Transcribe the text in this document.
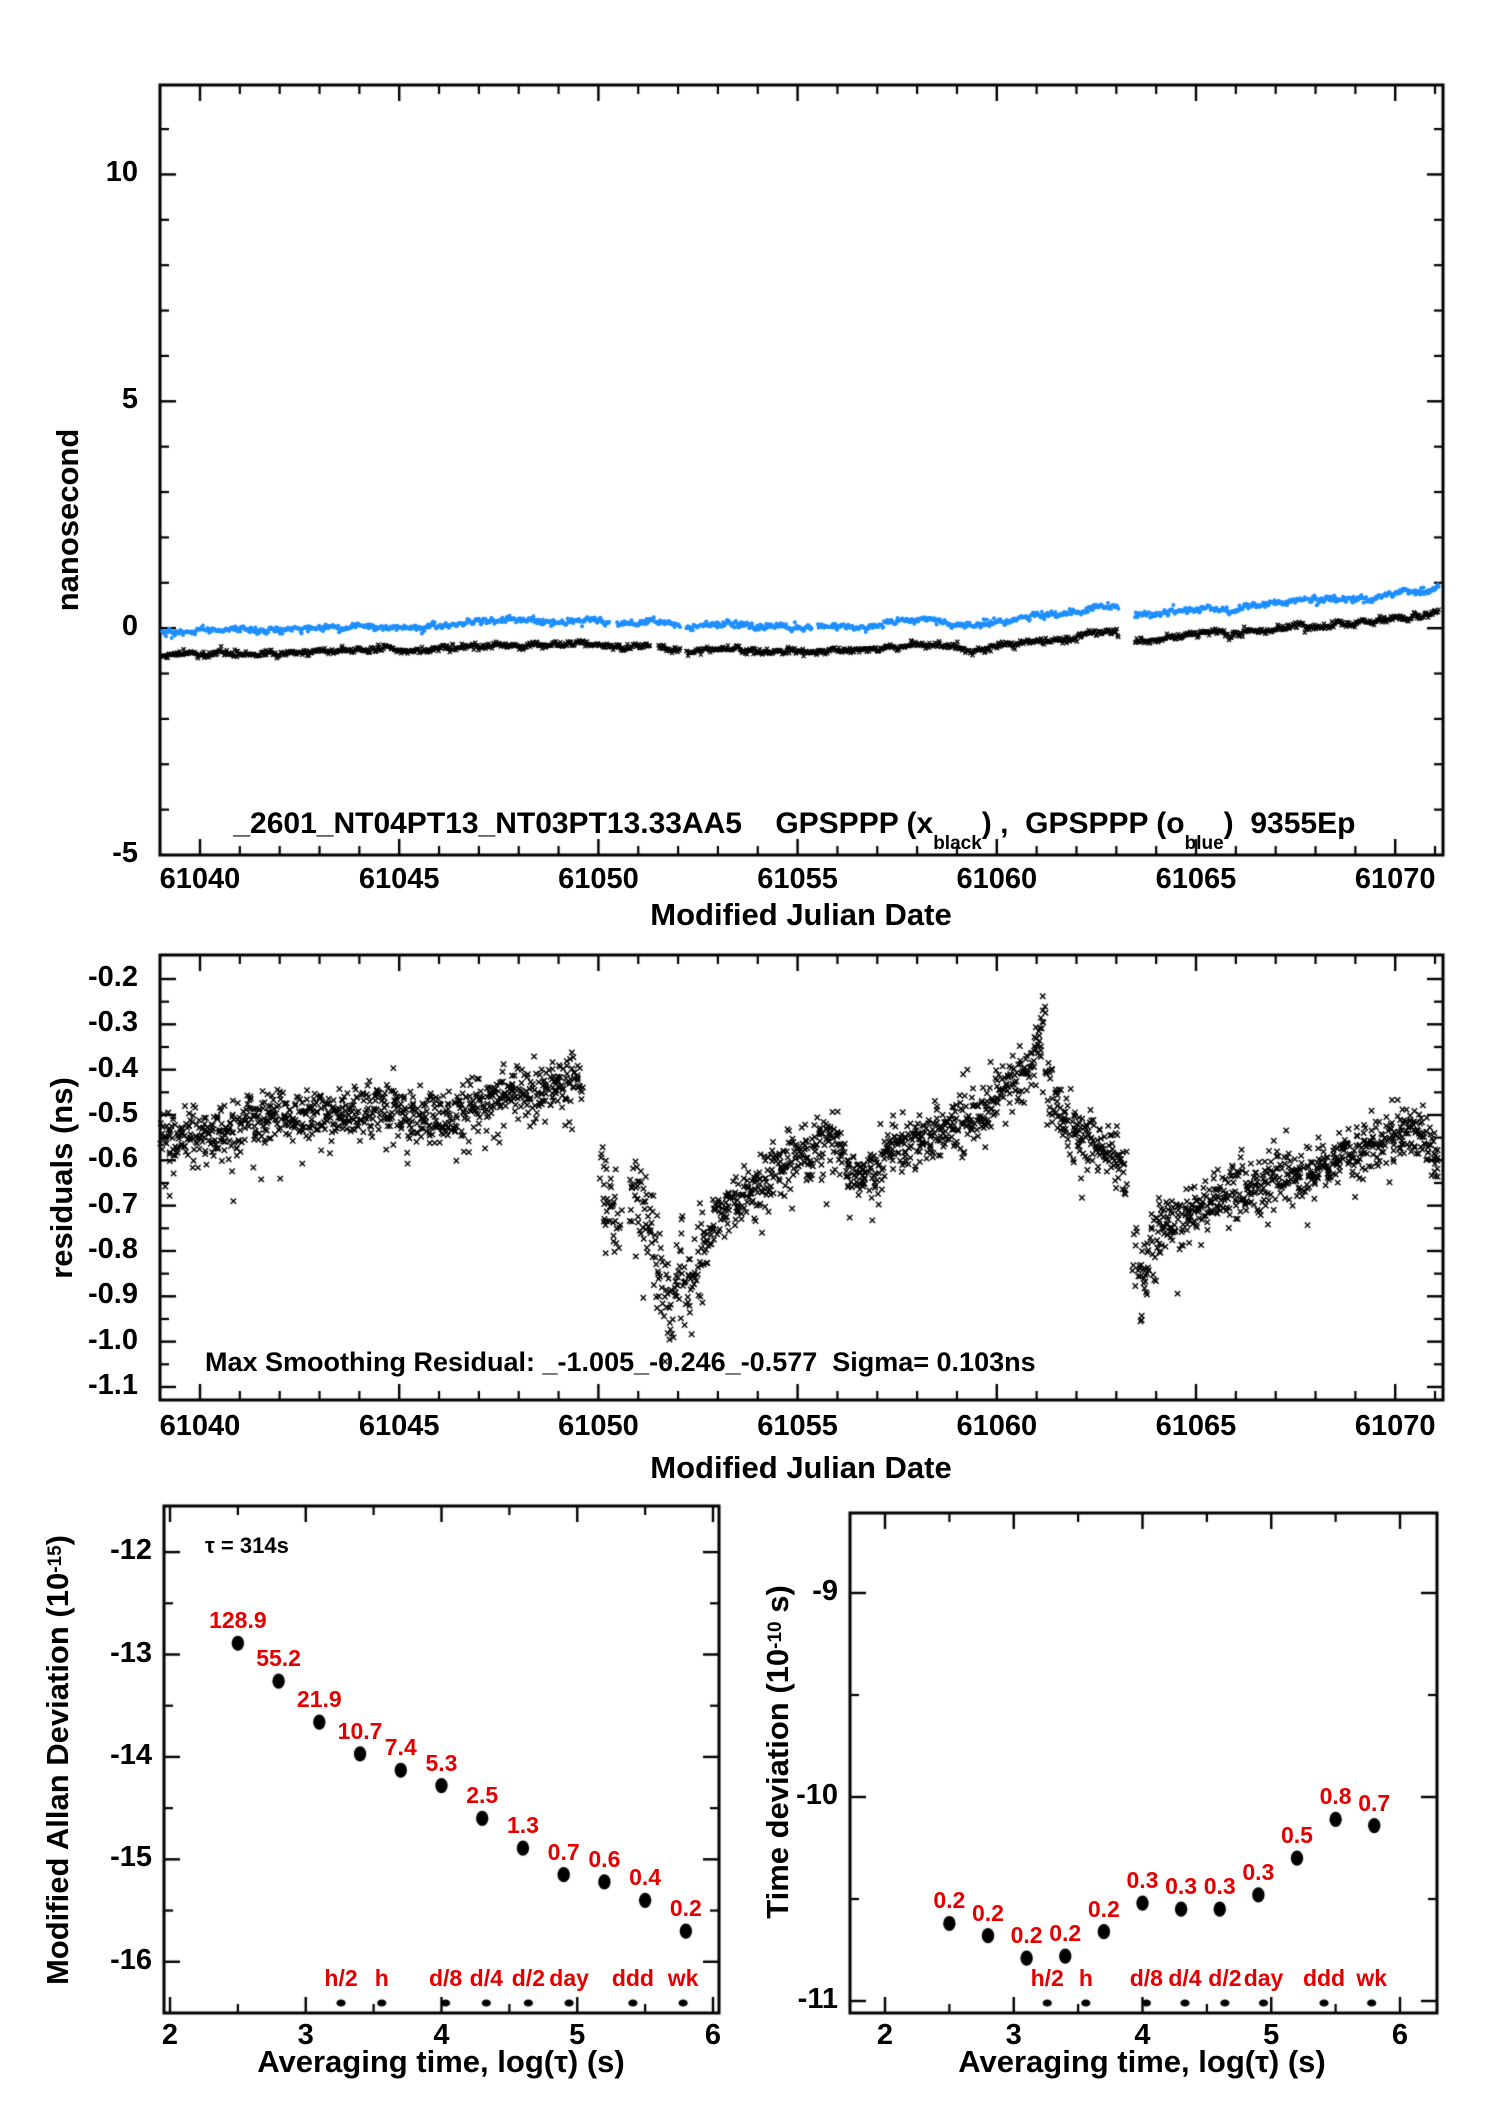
nanosecond

_2601_NT04PT13_NT03PT13.33AA5 GPSPPP $(x_{black})$ ,  GPSPPP $(o_{blue})$  9355Ep

Modified Julian Date
residuals (ns)
Max Smoothing Residual: _-1.005_-0.246_-0.577  Sigma= 0.103ns
Modified Julian Date
Modified Allan Deviation (10
$^{-15}$
)	τ = 314s
Averaging time, log(τ) (s)
Time deviation (10
$^{-10}$
s)
Averaging time, log(τ) (s)
10
5
0
-5
61040	61045	61050	61055	61060	61065	61070
-0.2
-0.3
-0.4
-0.5
-0.6
-0.7
-0.8
-0.9
-1.0
-1.1
61040	61045	61050	61055	61060	61065	61070
128.9
55.2
21.9
10.7
7.4
5.3
2.5
1.3
0.7 0.6
0.4
0.2
h/2 h	d/8 d/4 d/2 day ddd wk
-12
-13
-14
-15
-16
2	3	4	5	6
0.2 0.2
0.2 0.2
0.2
0.3 0.3 0.3
0.3
0.5
0.8 0.7
h/2 h	d/8 d/4 d/2 day ddd wk
-9
-10
-11
2	3	4	5	6
